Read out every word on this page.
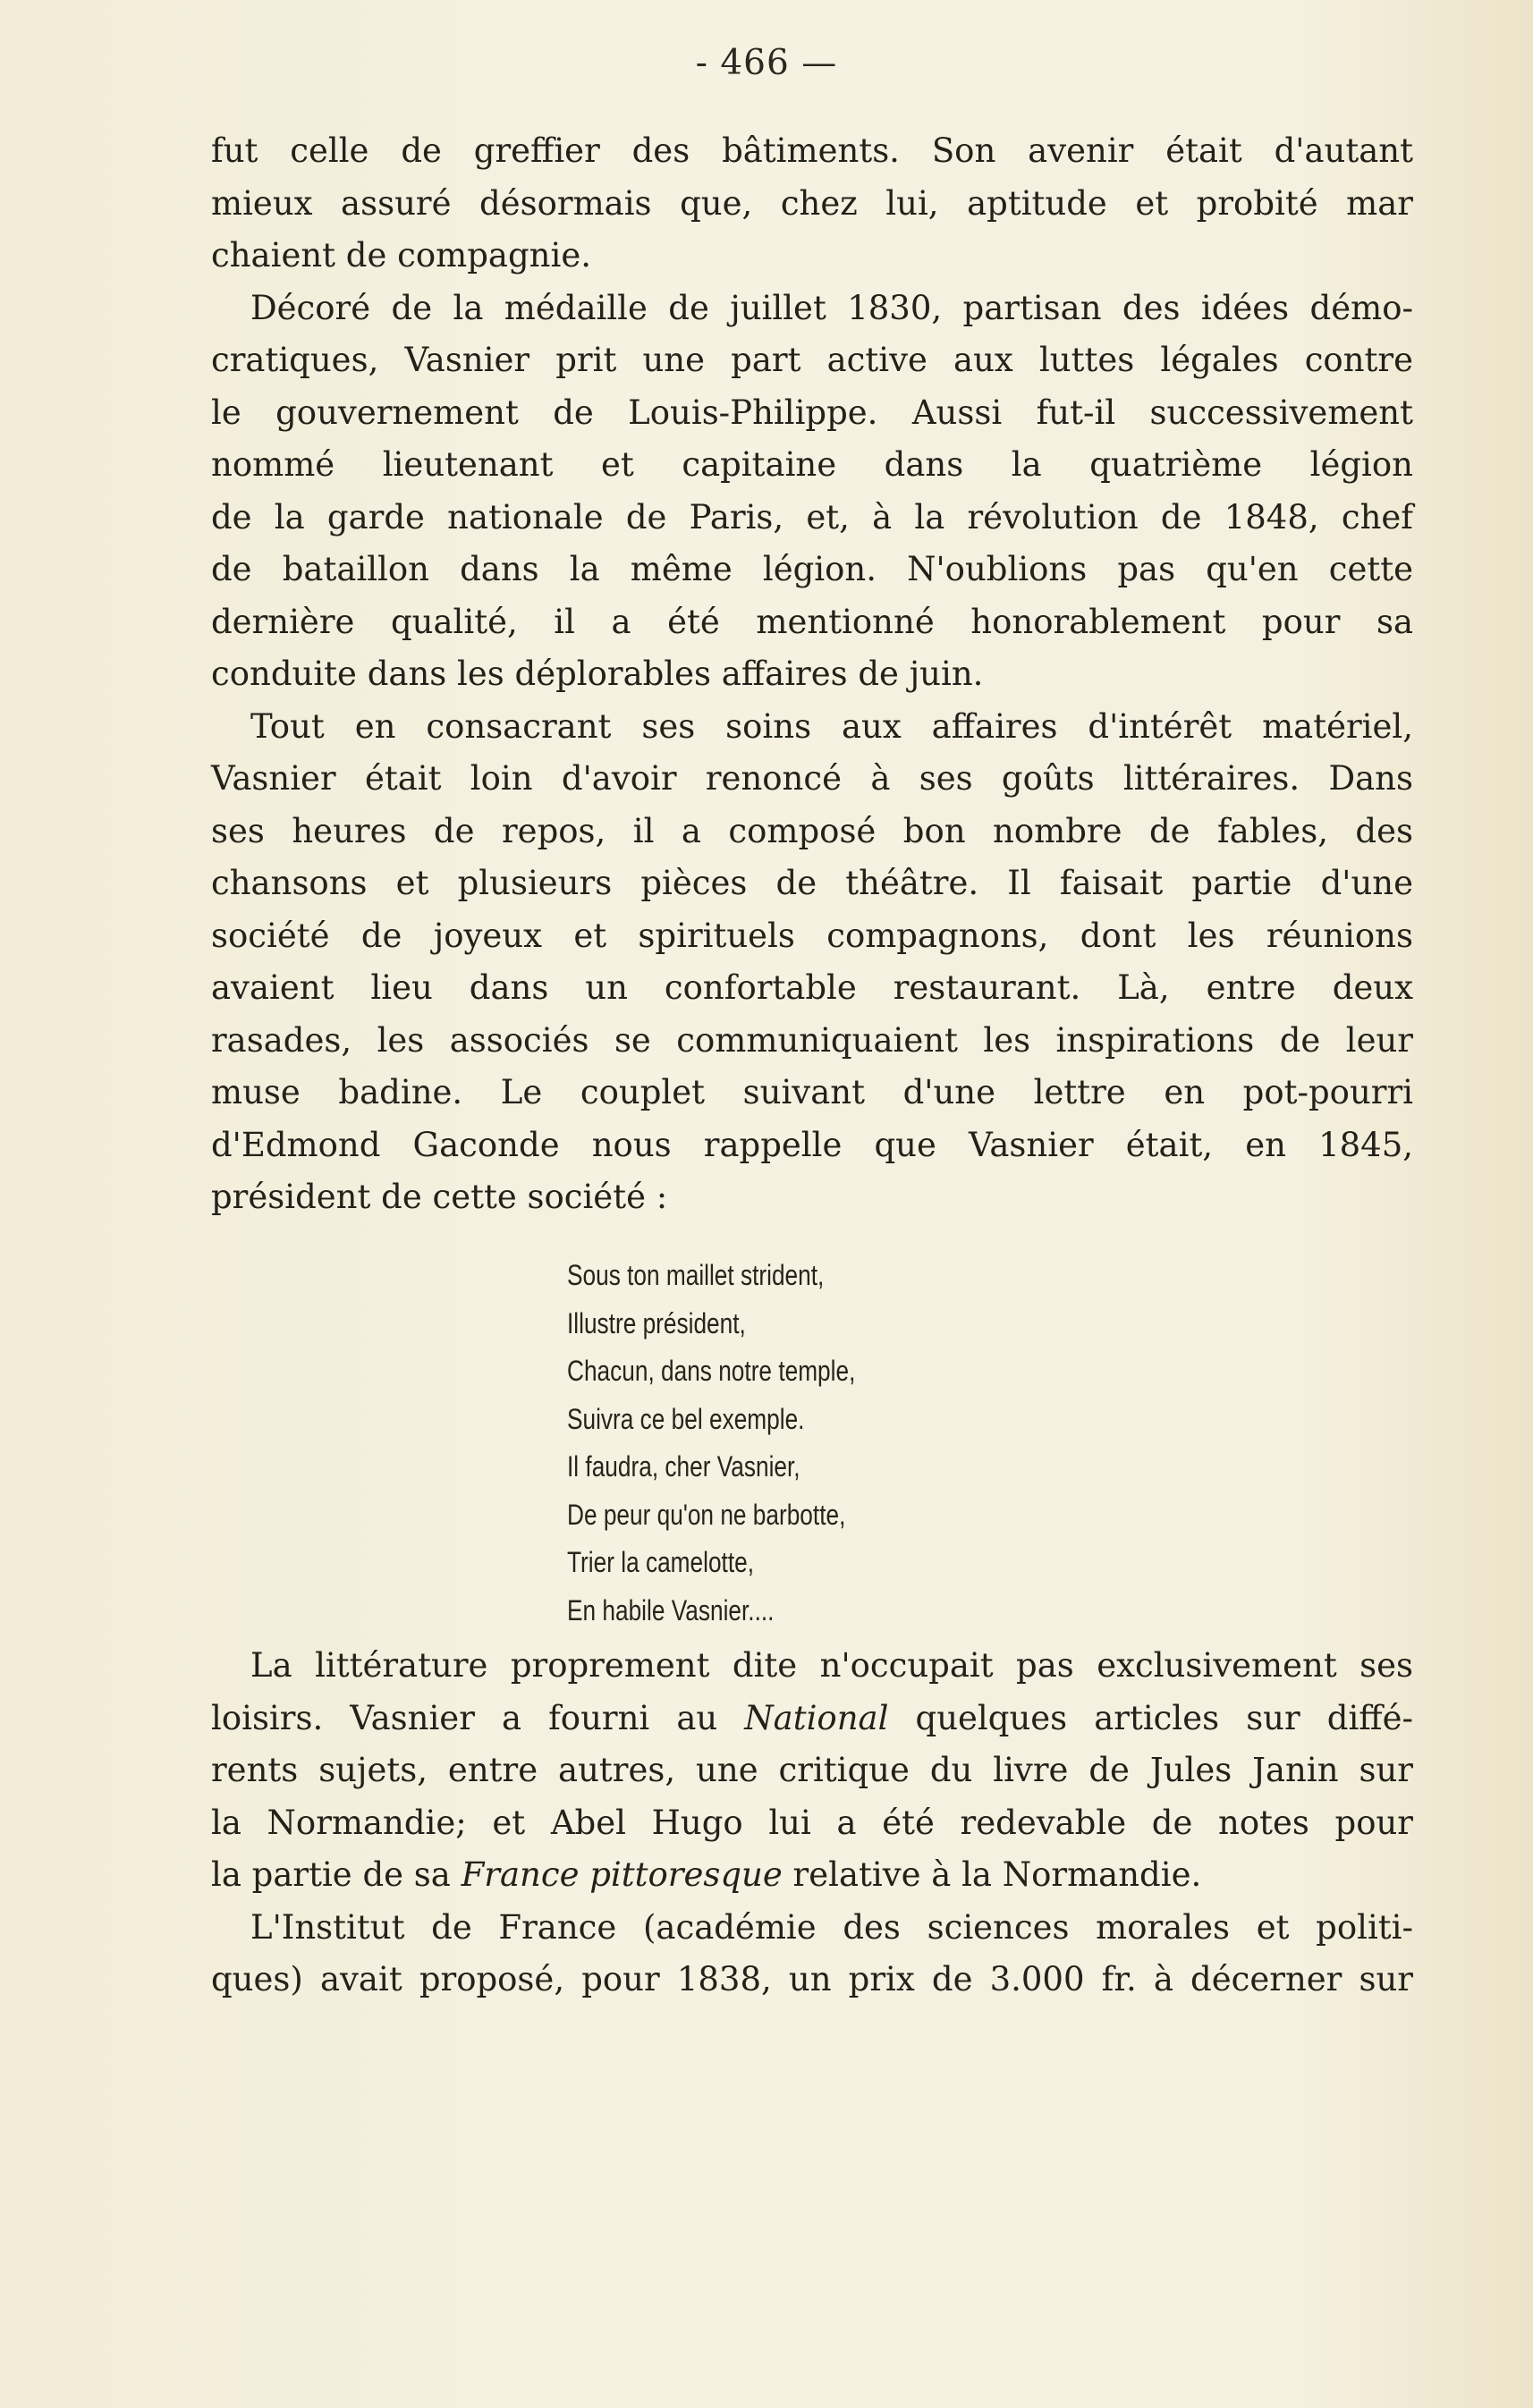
- 466 —

fut celle de greffier des bâtiments. Son avenir était d'autant
mieux assuré désormais que, chez lui, aptitude et probité mar
chaient de compagnie.

Décoré de la médaille de juillet 1830, partisan des idées démo-
cratiques, Vasnier prit une part active aux luttes légales contre
le gouvernement de Louis-Philippe. Aussi fut-il successivement
nommé lieutenant et capitaine dans la quatrième légion
de la garde nationale de Paris, et, à la révolution de 1848, chef
de bataillon dans la même légion. N'oublions pas qu'en cette
dernière qualité, il a été mentionné honorablement pour sa
conduite dans les déplorables affaires de juin.

Tout en consacrant ses soins aux affaires d'intérêt matériel,
Vasnier était loin d'avoir renoncé à ses goûts littéraires. Dans
ses heures de repos, il a composé bon nombre de fables, des
chansons et plusieurs pièces de théâtre. Il faisait partie d'une
société de joyeux et spirituels compagnons, dont les réunions
avaient lieu dans un confortable restaurant. Là, entre deux
rasades, les associés se communiquaient les inspirations de leur
muse badine. Le couplet suivant d'une lettre en pot-pourri
d'Edmond Gaconde nous rappelle que Vasnier était, en 1845,
président de cette société :

Sous ton maillet strident,
Illustre président,
Chacun, dans notre temple,
Suivra ce bel exemple.
Il faudra, cher Vasnier,
De peur qu'on ne barbotte,
Trier la camelotte,
En habile Vasnier....

La littérature proprement dite n'occupait pas exclusivement ses
loisirs. Vasnier a fourni au National quelques articles sur diffé-
rents sujets, entre autres, une critique du livre de Jules Janin sur
la Normandie; et Abel Hugo lui a été redevable de notes pour
la partie de sa France pittoresque relative à la Normandie.

L'Institut de France (académie des sciences morales et politi-
ques) avait proposé, pour 1838, un prix de 3.000 fr. à décerner sur
